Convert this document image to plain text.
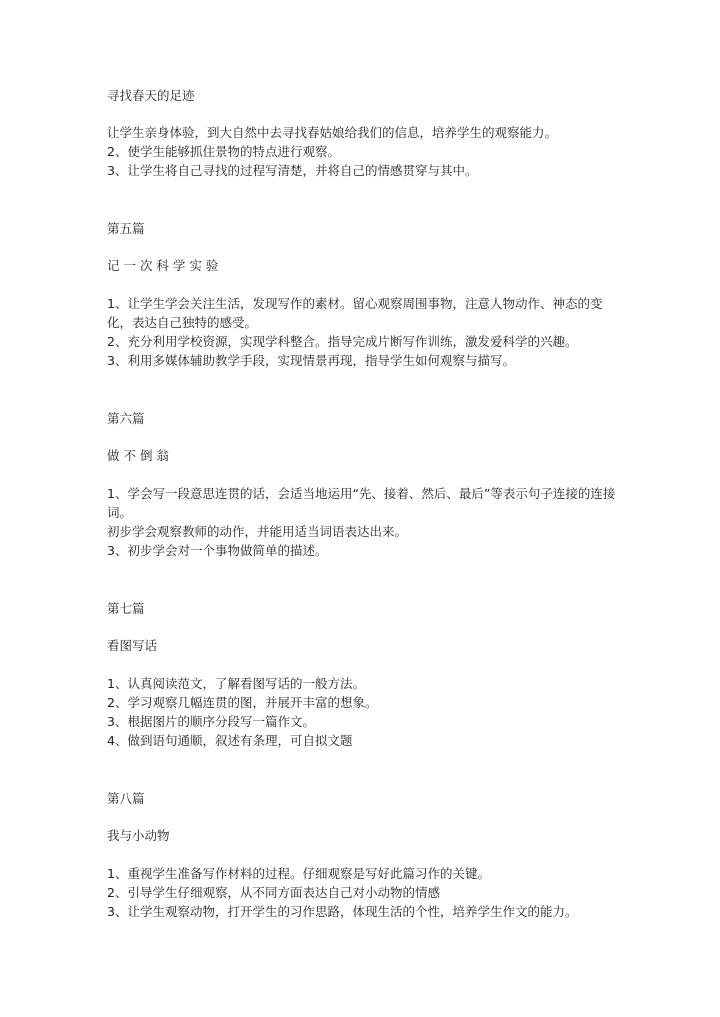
寻找春天的足迹
让学生亲身体验，到大自然中去寻找春姑娘给我们的信息，培养学生的观察能力。
2、使学生能够抓住景物的特点进行观察。
3、让学生将自己寻找的过程写清楚，并将自己的情感贯穿与其中。
第五篇
记 一 次 科 学 实 验
1、让学生学会关注生活，发现写作的素材。留心观察周围事物，注意人物动作、神态的变化，表达自己独特的感受。
2、充分利用学校资源，实现学科整合。指导完成片断写作训练，激发爱科学的兴趣。
3、利用多媒体辅助教学手段，实现情景再现，指导学生如何观察与描写。
第六篇
做 不 倒 翁
1、学会写一段意思连贯的话，会适当地运用“先、接着、然后、最后”等表示句子连接的连接词。
初步学会观察教师的动作，并能用适当词语表达出来。
3、初步学会对一个事物做简单的描述。
第七篇
看图写话
1、认真阅读范文，了解看图写话的一般方法。
2、学习观察几幅连贯的图，并展开丰富的想象。
3、根据图片的顺序分段写一篇作文。
4、做到语句通顺，叙述有条理，可自拟文题
第八篇
我与小动物
1、重视学生准备写作材料的过程。仔细观察是写好此篇习作的关键。
2、引导学生仔细观察，从不同方面表达自己对小动物的情感
3、让学生观察动物，打开学生的习作思路，体现生活的个性，培养学生作文的能力。
